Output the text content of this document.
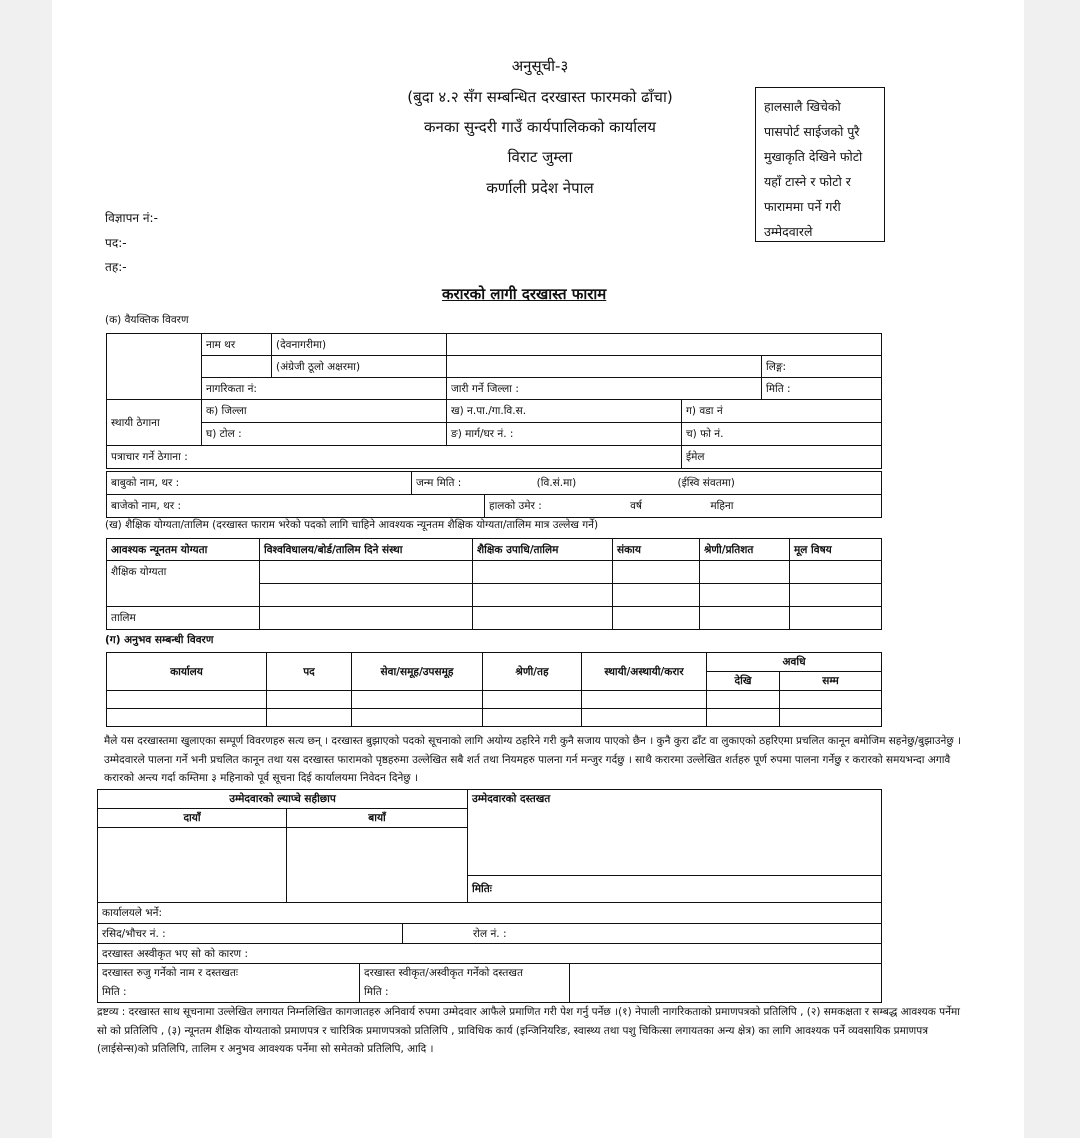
अनुसूची-३
(बुदा ४.२ सँग सम्बन्धित दरखास्त फारमको ढाँचा)
कनका सुन्दरी गाउँ कार्यपालिकको कार्यालय
विराट जुम्ला
कर्णाली प्रदेश नेपाल
हालसालै खिचेको पासपोर्ट साईजको पुरै मुखाकृति देखिने फोटो यहाँ टास्ने र फोटो र फाराममा पर्ने गरी उम्मेदवारले
विज्ञापन नं:-
पद:-
तह:-
करारको लागी दरखास्त फाराम
(क) वैयक्तिक विवरण
	नाम थर	(देवनागरीमा)			
		(अंग्रेजी ठूलो अक्षरमा)			लिङ्ग:
	नागरिकता नं:		जारी गर्ने जिल्ला :		मिति :
स्थायी ठेगाना	क) जिल्ला		ख) न.पा./गा.वि.स.	ग) वडा नं	
	घ) टोल :		ङ) मार्ग/घर नं. :	च) फो नं.	
पत्राचार गर्ने ठेगाना :				ईमेल	
बाबुको नाम, थर :	जन्म मिति :	(वि.सं.मा)	(ईस्वि संवतमा)
बाजेको नाम, थर :	हालको उमेर :	वर्ष	महिना
(ख) शैक्षिक योग्यता/तालिम (दरखास्त फाराम भरेको पदको लागि चाहिने आवश्यक न्यूनतम शैक्षिक योग्यता/तालिम मात्र उल्लेख गर्ने)
आवश्यक न्यूनतम योग्यता	विश्वविधालय/बोर्ड/तालिम दिने संस्था	शैक्षिक उपाधि/तालिम	संकाय	श्रेणी/प्रतिशत	मूल विषय
शैक्षिक योग्यता					

तालिम					
(ग) अनुभव सम्बन्धी विवरण
कार्यालय	पद	सेवा/समूह/उपसमूह	श्रेणी/तह	स्थायी/अस्थायी/करार	अवधि	
					देखि	सम्म

मैले यस दरखास्तमा खुलाएका सम्पूर्ण विवरणहरु सत्य छन् । दरखास्त बुझाएको पदको सूचनाको लागि अयोग्य ठहरिने गरी कुनै सजाय पाएको छैन । कुनै कुरा ढाँट वा लुकाएको ठहरिएमा प्रचलित कानून बमोजिम सहनेछु/बुझाउनेछु । उम्मेदवारले पालना गर्ने भनी प्रचलित कानून तथा यस दरखास्त फारामको पृष्ठहरुमा उल्लेखित सबै शर्त तथा नियमहरु पालना गर्न मन्जुर गर्दछु । साथै करारमा उल्लेखित शर्तहरु पूर्ण रुपमा पालना गर्नेछु र करारको समयभन्दा अगावै करारको अन्त्य गर्दा कम्तिमा ३ महिनाको पूर्व सूचना दिई कार्यालयमा निवेदन दिनेछु ।
उम्मेदवारको ल्याप्चे सहीछाप		उम्मेदवारको दस्तखत
दायाँ	बायाँ	

		मितिः
कार्यालयले भर्ने:
रसिद/भौचर नं. :	रोल नं. :
दरखास्त अस्वीकृत भए सो को कारण :
दरखास्त रुजु गर्नेको नाम र दस्तखतः
मिति :

दरखास्त स्वीकृत/अस्वीकृत गर्नेको दस्तखत
मिति :

द्रष्टव्य : दरखास्त साथ सूचनामा उल्लेखित लगायत निम्नलिखित कागजातहरु अनिवार्य रुपमा उम्मेदवार आफैले प्रमाणित गरी पेश गर्नु पर्नेछ ।(१) नेपाली नागरिकताको प्रमाणपत्रको प्रतिलिपि , (२) समकक्षता र सम्बद्ध आवश्यक पर्नेमा सो को प्रतिलिपि , (३) न्यूनतम शैक्षिक योग्यताको प्रमाणपत्र र चारित्रिक प्रमाणपत्रको प्रतिलिपि , प्राविधिक कार्य (इन्जिनियरिङ, स्वास्थ्य तथा पशु चिकित्सा लगायतका अन्य क्षेत्र) का लागि आवश्यक पर्ने व्यवसायिक प्रमाणपत्र (लाईसेन्स)को प्रतिलिपि, तालिम र अनुभव आवश्यक पर्नेमा सो समेतको प्रतिलिपि, आदि ।
